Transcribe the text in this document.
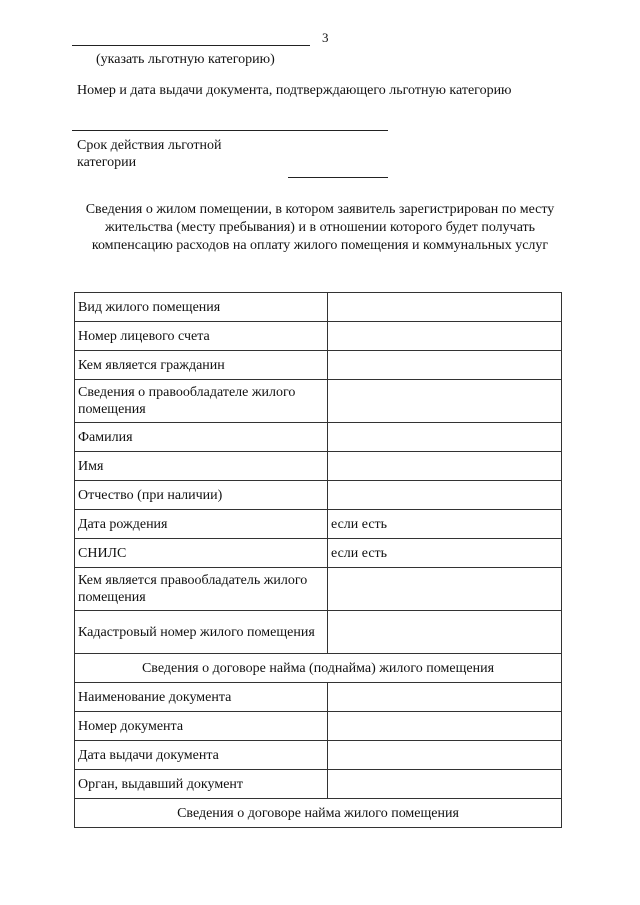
3
(указать льготную категорию)
Номер и дата выдачи документа, подтверждающего льготную категорию
Срок действия льготной
категории
Сведения о жилом помещении, в котором заявитель зарегистрирован по месту жительства (месту пребывания) и в отношении которого будет получать компенсацию расходов на оплату жилого помещения и коммунальных услуг
Вид жилого помещения	
Номер лицевого счета	
Кем является гражданин	
Сведения о правообладателе жилого помещения	
Фамилия	
Имя	
Отчество (при наличии)	
Дата рождения	если есть
СНИЛС	если есть
Кем является правообладатель жилого помещения	
Кадастровый номер жилого помещения	
Сведения о договоре найма (поднайма) жилого помещения	
Наименование документа	
Номер документа	
Дата выдачи документа	
Орган, выдавший документ	
Сведения о договоре найма жилого помещения	
